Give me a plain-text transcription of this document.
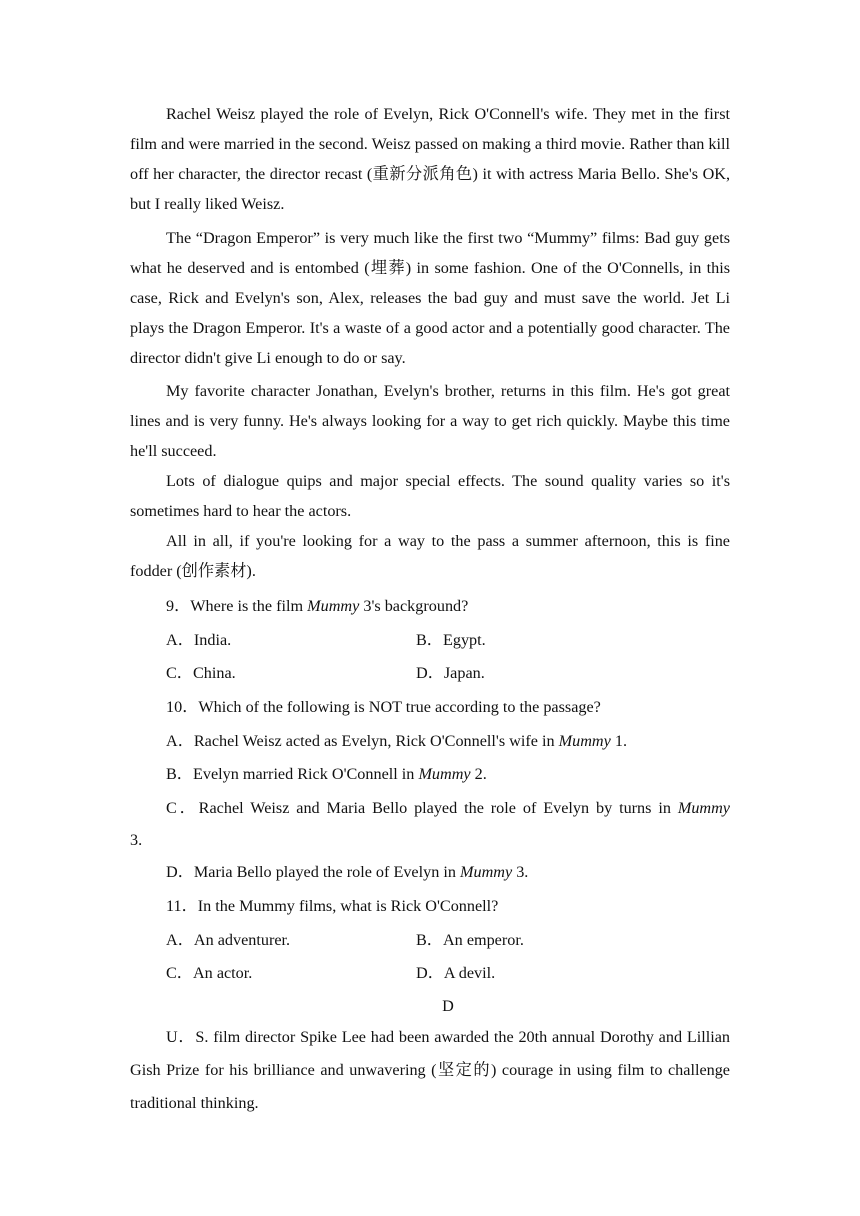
Rachel Weisz played the role of Evelyn, Rick O'Connell's wife. They met in the first film and were married in the second. Weisz passed on making a third movie. Rather than kill off her character, the director recast (重新分派角色) it with actress Maria Bello. She's OK, but I really liked Weisz.

The “Dragon Emperor” is very much like the first two “Mummy” films: Bad guy gets what he deserved and is entombed (埋葬) in some fashion. One of the O'Connells, in this case, Rick and Evelyn's son, Alex, releases the bad guy and must save the world. Jet Li plays the Dragon Emperor. It's a waste of a good actor and a potentially good character. The director didn't give Li enough to do or say.

My favorite character Jonathan, Evelyn's brother, returns in this film. He's got great lines and is very funny. He's always looking for a way to get rich quickly. Maybe this time he'll succeed.

Lots of dialogue quips and major special effects. The sound quality varies so it's sometimes hard to hear the actors.

All in all, if you're looking for a way to the pass a summer afternoon, this is fine fodder (创作素材).

9．Where is the film Mummy 3's background?

A．India.	B．Egypt.

C．China.	D．Japan.

10．Which of the following is NOT true according to the passage?

A．Rachel Weisz acted as Evelyn, Rick O'Connell's wife in Mummy 1.

B．Evelyn married Rick O'Connell in Mummy 2.

C．Rachel Weisz and Maria Bello played the role of Evelyn by turns in Mummy

3.

D．Maria Bello played the role of Evelyn in Mummy 3.

11．In the Mummy films, what is Rick O'Connell?

A．An adventurer.	B．An emperor.

C．An actor.	D．A devil.

D

U．S. film director Spike Lee had been awarded the 20th annual Dorothy and Lillian Gish Prize for his brilliance and unwavering (坚定的) courage in using film to challenge traditional thinking.
